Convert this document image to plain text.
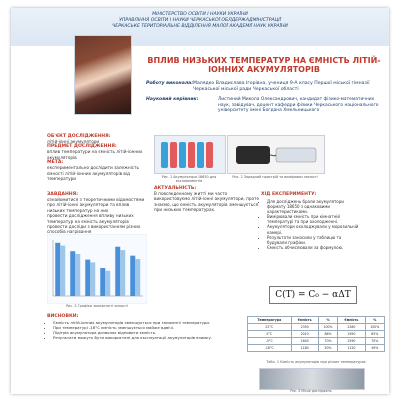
МІНІСТЕРСТВО ОСВІТИ І НАУКИ УКРАЇНИ
УПРАВЛІННЯ ОСВІТИ І НАУКИ ЧЕРКАСЬКОЇ ОБЛДЕРЖАДМІНІСТРАЦІЇ
ЧЕРКАСЬКЕ ТЕРИТОРІАЛЬНЕ ВІДДІЛЕННЯ МАЛОЇ АКАДЕМІЇ НАУК УКРАЇНИ
ВПЛИВ НИЗЬКИХ ТЕМПЕРАТУР НА ЄМНІСТЬ ЛІТІЙ-ІОННИХ АКУМУЛЯТОРІВ
Роботу виконала: Малядко Владислава Ігорівна, учениця 9-А класу Першої міської гімназії Черкаської міської ради Черкаської області
Науковий керівник:	Листиний Микола Олександрович, кандидат фізико-математичних наук, завідувач, доцент кафедри фізики Черкаського національного університету імені Богдана Хмельницького
ОБ'ЄКТ ДОСЛІДЖЕННЯ:
літій-іонні акумулятори
ПРЕДМЕТ ДОСЛІДЖЕННЯ:
вплив температури на ємність літій-іонних акумуляторів
МЕТА:
експериментально дослідити залежність ємності літій-іонних акумуляторів від температури
ЗАВДАННЯ:
ознайомитися з теоретичними відомостями про літій-іонні акумулятори та вплив низьких температур на них
провести дослідження впливу низьких температур на ємність акумуляторів
провести досліди з використанням різних способів нагрівання
Рис. 1 Акумулятори 18650 для експериментів
Рис. 2 Зарядний пристрій та вимірювач ємності
АКТУАЛЬНІСТЬ:
В повсякденному житті ми часто використовуємо літій-іонні акумулятори, проте знаємо, що ємність акумуляторів зменшується при низьких температурах.
ХІД ЕКСПЕРИМЕНТУ:
• Для досліджень брали акумулятори формату 18650 з однаковими характеристиками.
• Вимірювали ємність при кімнатній температурі та при охолодженні.
• Акумулятори охолоджували у морозильній камері.
• Результати заносили у таблицю та будували графіки.
• Ємність обчислювали за формулою.
Рис. 3 Графіки залежності ємності
C(T) = C₀ − αΔT
ВИСНОВКИ:
• Ємність літій-іонних акумуляторів зменшується при зниженні температури.
• При температурі -18°C ємність зменшується майже вдвічі.
• Підігрів акумулятора дозволяє відновити ємність.
• Результати можуть бути використані для експлуатації акумуляторів взимку.
Температура	Ємність	%	Ємність	%
22°C	2350	100%	2280	100%
5°C	2010	86%	1950	85%
-5°C	1640	70%	1590	70%
-18°C	1180	50%	1120	49%
Табл. 1 Ємність акумуляторів при різних температурах
Рис. 4 Місце досліджень
